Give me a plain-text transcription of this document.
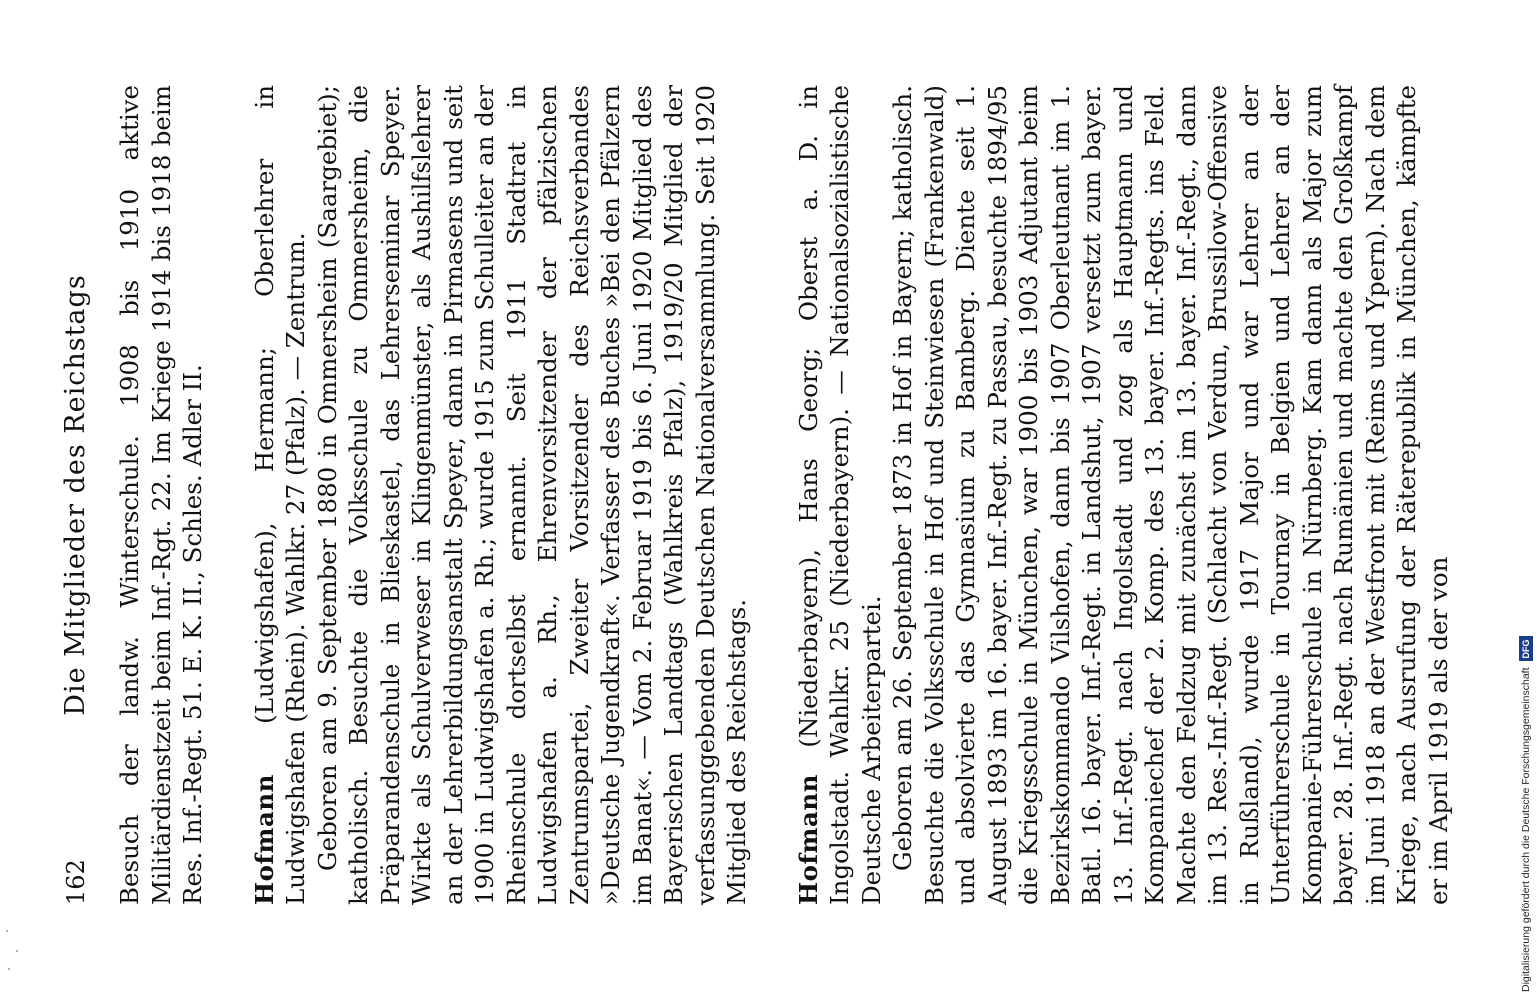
162
Die Mitglieder des Reichstags Besuch der landw. Winterschule. 1908 bis 1910 aktive Militärdienstzeit beim Inf.-Rgt. 22. Im Kriege 1914 bis 1918 beim Res. Inf.-Regt. 51. E. K. II., Schles. Adler II. Hofmann (Ludwigshafen), Hermann; Oberlehrer in Ludwigshafen (Rhein). Wahlkr. 27 (Pfalz). — Zentrum. Geboren am 9. September 1880 in Ommersheim (Saargebiet); katholisch. Besuchte die Volksschule zu Ommersheim, die Präparandenschule in Blieskastel, das Lehrerseminar Speyer. Wirkte als Schulverweser in Klingenmünster, als Aushilfslehrer an der Lehrerbildungsanstalt Speyer, dann in Pirmasens und seit 1900 in Ludwigshafen a. Rh.; wurde 1915 zum Schulleiter an der Rheinschule dortselbst ernannt. Seit 1911 Stadtrat in Ludwigshafen a. Rh., Ehrenvorsitzender der pfälzischen Zentrumspartei, Zweiter Vorsitzender des Reichsverbandes »Deutsche Jugendkraft«. Verfasser des Buches »Bei den Pfälzern im Banat«. — Vom 2. Februar 1919 bis 6. Juni 1920 Mitglied des Bayerischen Landtags (Wahlkreis Pfalz), 1919/20 Mitglied der verfassunggebenden Deutschen Nationalversammlung. Seit 1920 Mitglied des Reichstags. Hofmann (Niederbayern), Hans Georg; Oberst a. D. in Ingolstadt. Wahlkr. 25 (Niederbayern). — Nationalsozialistische Deutsche Arbeiterpartei. Geboren am 26. September 1873 in Hof in Bayern; katholisch. Besuchte die Volksschule in Hof und Steinwiesen (Frankenwald) und absolvierte das Gymnasium zu Bamberg. Diente seit 1. August 1893 im 16. bayer. Inf.-Regt. zu Passau, besuchte 1894/95 die Kriegsschule in München, war 1900 bis 1903 Adjutant beim Bezirkskommando Vilshofen, dann bis 1907 Oberleutnant im 1. Batl. 16. bayer. Inf.-Regt. in Landshut, 1907 versetzt zum bayer. 13. Inf.-Regt. nach Ingolstadt und zog als Hauptmann und Kompaniechef der 2. Komp. des 13. bayer. Inf.-Regts. ins Feld. Machte den Feldzug mit zunächst im 13. bayer. Inf.-Regt., dann im 13. Res.-Inf.-Regt. (Schlacht von Verdun, Brussilow-Offensive in Rußland), wurde 1917 Major und war Lehrer an der Unterführerschule in Tournay in Belgien und Lehrer an der Kompanie-Führerschule in Nürnberg. Kam dann als Major zum bayer. 28. Inf.-Regt. nach Rumänien und machte den Großkampf im Juni 1918 an der Westfront mit (Reims und Ypern). Nach dem Kriege, nach Ausrufung der Räterepublik in München, kämpfte er im April 1919 als der von	Digitalisierung gefördert durch die Deutsche Forschungsgemeinschaft
DFG
